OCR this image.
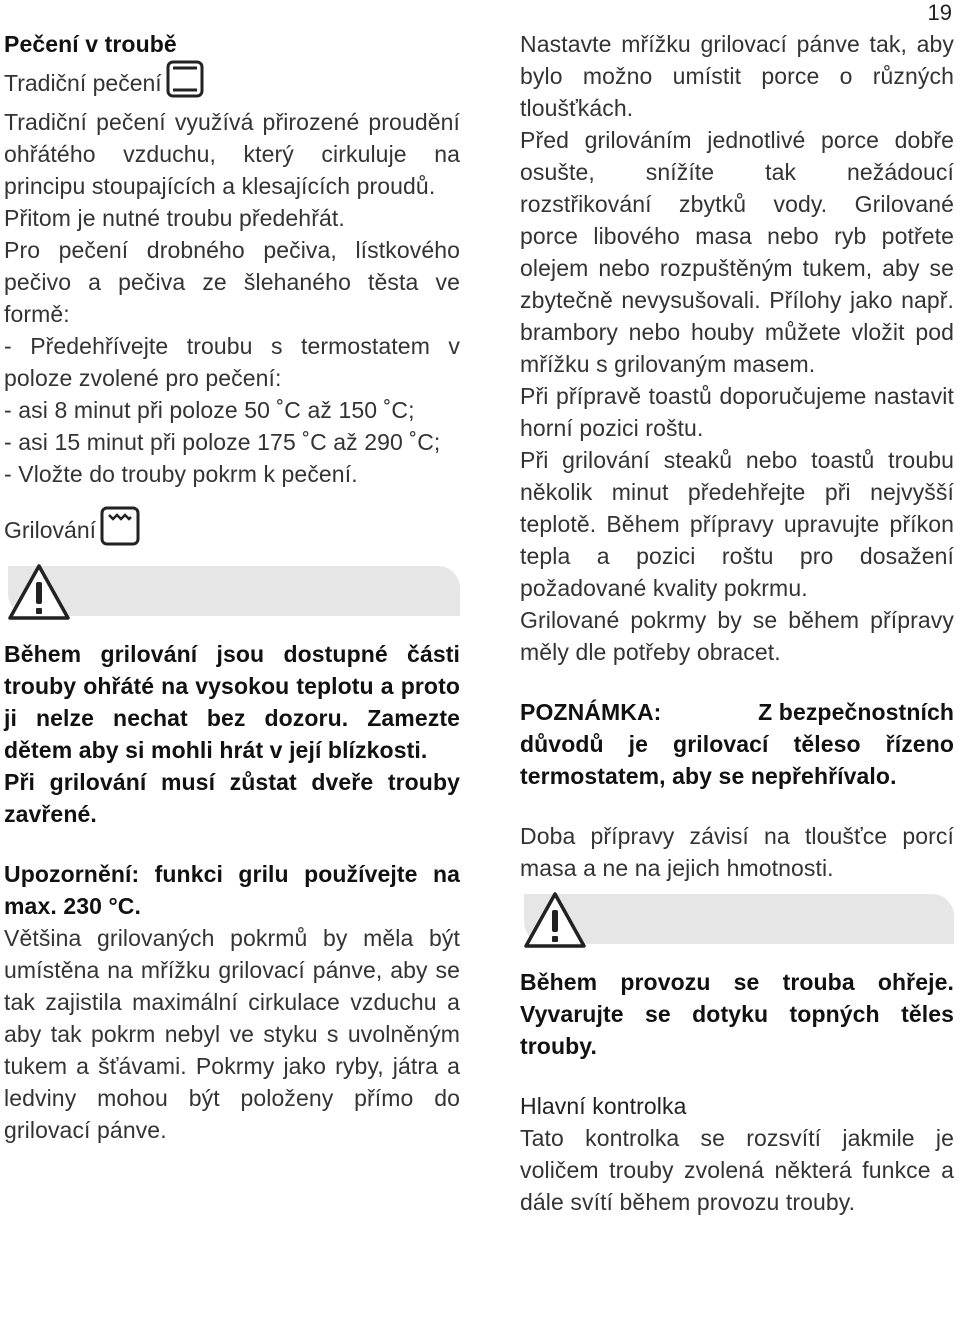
19

Pečení v troubě

Tradiční pečení

Tradiční pečení využívá přirozené proudění ohřátého vzduchu, který cirkuluje na principu stoupajících a klesajících proudů.

Přitom je nutné troubu předehřát.

Pro pečení drobného pečiva, lístkového pečivo a pečiva ze šlehaného těsta ve formě:

- Předehřívejte troubu s termostatem v poloze zvolené pro pečení:

- asi 8 minut při poloze 50 ˚C až 150 ˚C;

- asi 15 minut při poloze 175 ˚C až 290 ˚C;

- Vložte do trouby pokrm k pečení.

Grilování

Během grilování jsou dostupné části trouby ohřáté na vysokou teplotu a proto ji nelze nechat bez dozoru. Zamezte dětem aby si mohli hrát v její blízkosti.

Při grilování musí zůstat dveře trouby zavřené.

Upozornění: funkci grilu používejte na max. 230 °C.

Většina grilovaných pokrmů by měla být umístěna na mřížku grilovací pánve, aby se tak zajistila maximální cirkulace vzduchu a aby tak pokrm nebyl ve styku s uvolněným tukem a šťávami. Pokrmy jako ryby, játra a ledviny mohou být položeny přímo do grilovací pánve.

Nastavte mřížku grilovací pánve tak, aby bylo možno umístit porce o různých tloušťkách.

Před grilováním jednotlivé porce dobře osušte, snížíte tak nežádoucí rozstřikování zbytků vody. Grilované porce libového masa nebo ryb potřete olejem nebo rozpuštěným tukem, aby se zbytečně nevysušovali. Přílohy jako např. brambory nebo houby můžete vložit pod mřížku s grilovaným masem.

Při přípravě toastů doporučujeme nastavit horní pozici roštu.

Při grilování steaků nebo toastů troubu několik minut předehřejte při nejvyšší teplotě. Během přípravy upravujte příkon tepla a pozici roštu pro dosažení požadované kvality pokrmu.

Grilované pokrmy by se během přípravy měly dle potřeby obracet.

POZNÁMKA:	Z bezpečnostních

důvodů je grilovací těleso řízeno termostatem, aby se nepřehřívalo.

Doba přípravy závisí na tloušťce porcí masa a ne na jejich hmotnosti.

Během provozu se trouba ohřeje. Vyvarujte se dotyku topných těles trouby.

Hlavní kontrolka

Tato kontrolka se rozsvítí jakmile je voličem trouby zvolená některá funkce a dále svítí během provozu trouby.
